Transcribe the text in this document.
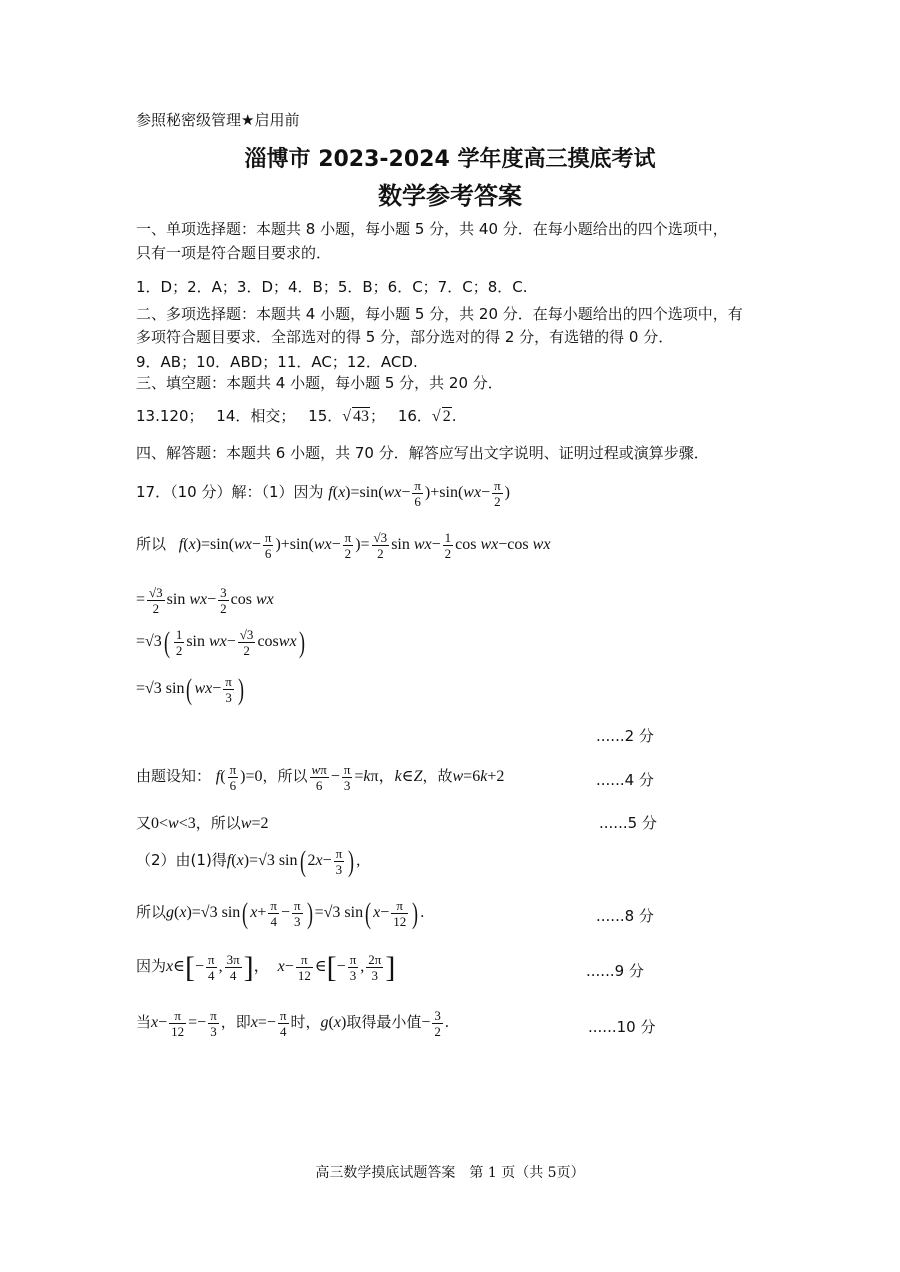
参照秘密级管理★启用前
淄博市 2023-2024 学年度高三摸底考试
数学参考答案
一、单项选择题：本题共 8 小题，每小题 5 分，共 40 分．在每小题给出的四个选项中，
只有一项是符合题目要求的．
1．D；2．A；3．D；4．B；5．B；6．C；7．C；8．C.
二、多项选择题：本题共 4 小题，每小题 5 分，共 20 分．在每小题给出的四个选项中，有
多项符合题目要求．全部选对的得 5 分，部分选对的得 2 分，有选错的得 0 分．
9．AB；10．ABD；11．AC；12．ACD.
三、填空题：本题共 4 小题，每小题 5 分，共 20 分．
13.120； 14．相交； 15．√ 43； 16．√ 2.
四、解答题：本题共 6 小题，共 70 分．解答应写出文字说明、证明过程或演算步骤．
17．（10 分）解：（1）因为 $f(x)=\sin(wx- \frac{\pi}{6} )+\sin(wx- \frac{\pi}{2}$ )
所以 $f(x)=\sin(wx- \frac{\pi}{6} )+\sin(wx- \frac{\pi}{2}$ )= $\frac{√3}{2}$ $\sin wx- \frac{1}{2}$ cos wx−cos wx
= $\frac{√3}{2}$ $\sin wx- \frac{3}{2}$ cos wx
$=√3( \frac{1}{2}$ $\sin wx- \frac{√3}{2}$ coswx)
=√3 sin( $wx- \frac{\pi}{3}$ )
......2 分
由题设知： $f( \frac{\pi}{6} )=0$，所以 $\frac{w\pi}{6} - \frac{\pi}{3} =k\pi$，k∈Z，故w=6k+2	......4 分
又0<w<3，所以w=2	......5 分
（2）由(1)得f(x)=√3 sin( $2x- \frac{\pi}{3}$ ) ,
所以g(x)=√3 sin( $x+ \frac{\pi}{4} - \frac{\pi}{3}$ ) =√3 sin( $x- \frac{\pi}{12}$ ) .	......8 分
因为x∈[− $\frac{\pi}{4}$ , $\frac{3\pi}{4}$ ]，  $x- \frac{\pi}{12}$ ∈[− $\frac{\pi}{3}$ , $\frac{2\pi}{3}$ ]	......9 分
当$x- \frac{\pi}{12} =- \frac{\pi}{3}$ ，即$x=- \frac{\pi}{4}$ 时，g(x)取得最小值− $\frac{3}{2}$ .	......10 分
高三数学摸底试题答案　第 1 页（共 5页）
